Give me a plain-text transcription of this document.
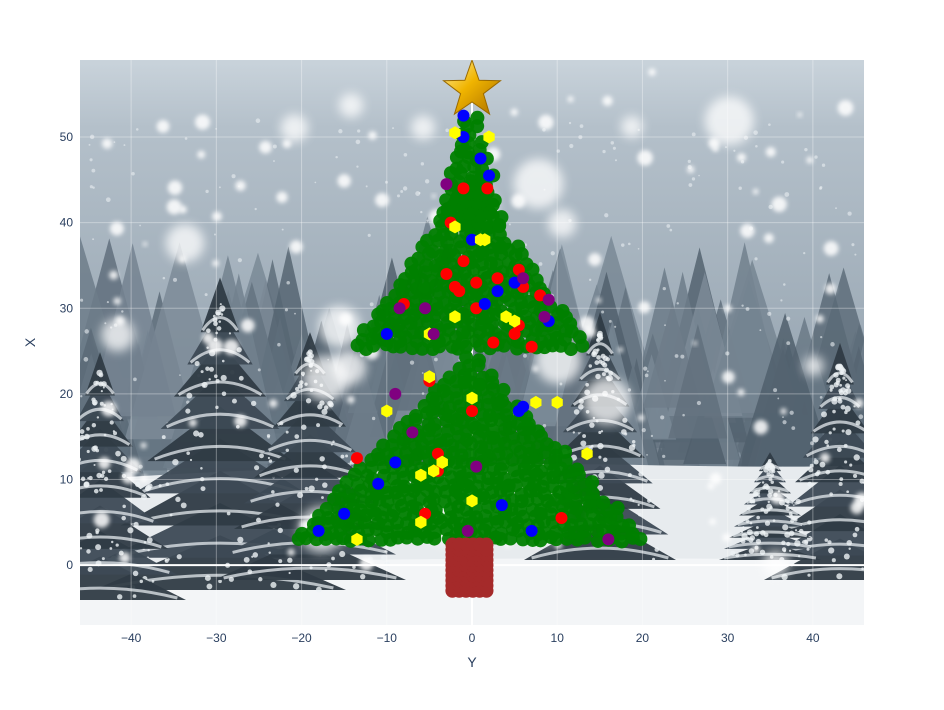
−40	−30	−20	−10	0	10	20	30	40
0
10
20
30
40
50
Y
X
